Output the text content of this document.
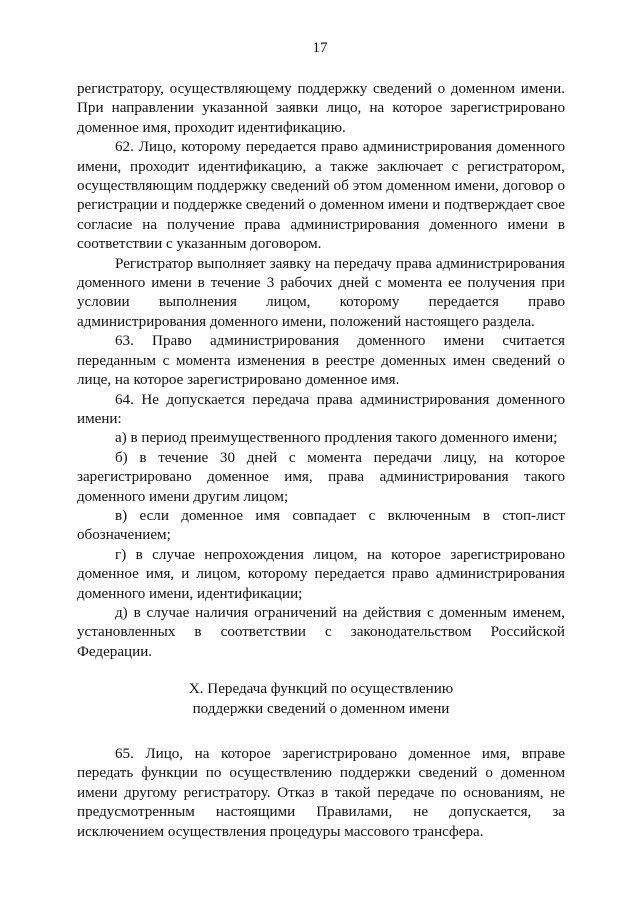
17

регистратору, осуществляющему поддержку сведений о доменном имени. При направлении указанной заявки лицо, на которое зарегистрировано доменное имя, проходит идентификацию.

62. Лицо, которому передается право администрирования доменного имени, проходит идентификацию, а также заключает с регистратором, осуществляющим поддержку сведений об этом доменном имени, договор о регистрации и поддержке сведений о доменном имени и подтверждает свое согласие на получение права администрирования доменного имени в соответствии с указанным договором.

Регистратор выполняет заявку на передачу права администрирования доменного имени в течение 3 рабочих дней с момента ее получения при условии выполнения лицом, которому передается право администрирования доменного имени, положений настоящего раздела.

63. Право администрирования доменного имени считается переданным с момента изменения в реестре доменных имен сведений о лице, на которое зарегистрировано доменное имя.

64. Не допускается передача права администрирования доменного имени:

а) в период преимущественного продления такого доменного имени;

б) в течение 30 дней с момента передачи лицу, на которое зарегистрировано доменное имя, права администрирования такого доменного имени другим лицом;

в) если доменное имя совпадает с включенным в стоп-лист обозначением;

г) в случае непрохождения лицом, на которое зарегистрировано доменное имя, и лицом, которому передается право администрирования доменного имени, идентификации;

д) в случае наличия ограничений на действия с доменным именем, установленных в соответствии с законодательством Российской Федерации.

X. Передача функций по осуществлению
поддержки сведений о доменном имени

65. Лицо, на которое зарегистрировано доменное имя, вправе передать функции по осуществлению поддержки сведений о доменном имени другому регистратору. Отказ в такой передаче по основаниям, не предусмотренным настоящими Правилами, не допускается, за исключением осуществления процедуры массового трансфера.
